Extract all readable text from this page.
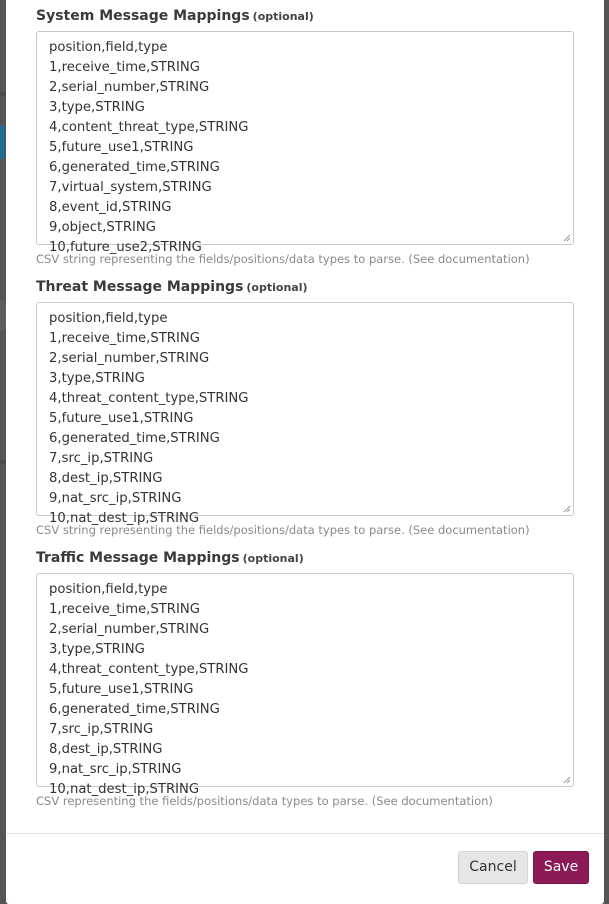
System Message Mappings (optional)
position,field,type
1,receive_time,STRING
2,serial_number,STRING
3,type,STRING
4,content_threat_type,STRING
5,future_use1,STRING
6,generated_time,STRING
7,virtual_system,STRING
8,event_id,STRING
9,object,STRING
10,future_use2,STRING
CSV string representing the fields/positions/data types to parse. (See documentation)
Threat Message Mappings (optional)
position,field,type
1,receive_time,STRING
2,serial_number,STRING
3,type,STRING
4,threat_content_type,STRING
5,future_use1,STRING
6,generated_time,STRING
7,src_ip,STRING
8,dest_ip,STRING
9,nat_src_ip,STRING
10,nat_dest_ip,STRING
CSV string representing the fields/positions/data types to parse. (See documentation)
Traffic Message Mappings (optional)
position,field,type
1,receive_time,STRING
2,serial_number,STRING
3,type,STRING
4,threat_content_type,STRING
5,future_use1,STRING
6,generated_time,STRING
7,src_ip,STRING
8,dest_ip,STRING
9,nat_src_ip,STRING
10,nat_dest_ip,STRING
CSV representing the fields/positions/data types to parse. (See documentation)
Cancel	Save
